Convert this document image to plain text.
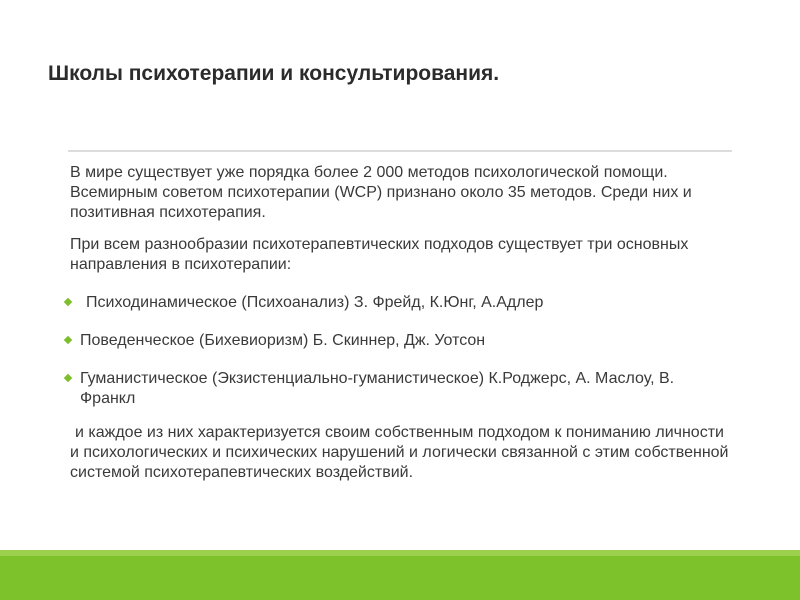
Школы психотерапии и консультирования.

В мире существует уже порядка более 2 000 методов психологической помощи. Всемирным советом психотерапии (WCP) признано около 35 методов. Среди них и позитивная психотерапия.

При всем разнообразии психотерапевтических подходов существует три основных направления в психотерапии:

Психодинамическое (Психоанализ) З. Фрейд, К.Юнг, А.Адлер
Поведенческое (Бихевиоризм) Б. Скиннер, Дж. Уотсон
Гуманистическое (Экзистенциально-гуманистическое) К.Роджерс, А. Маслоу, В. Франкл

и каждое из них характеризуется своим собственным подходом к пониманию личности и психологических и психических нарушений и логически связанной с этим собственной системой психотерапевтических воздействий.
